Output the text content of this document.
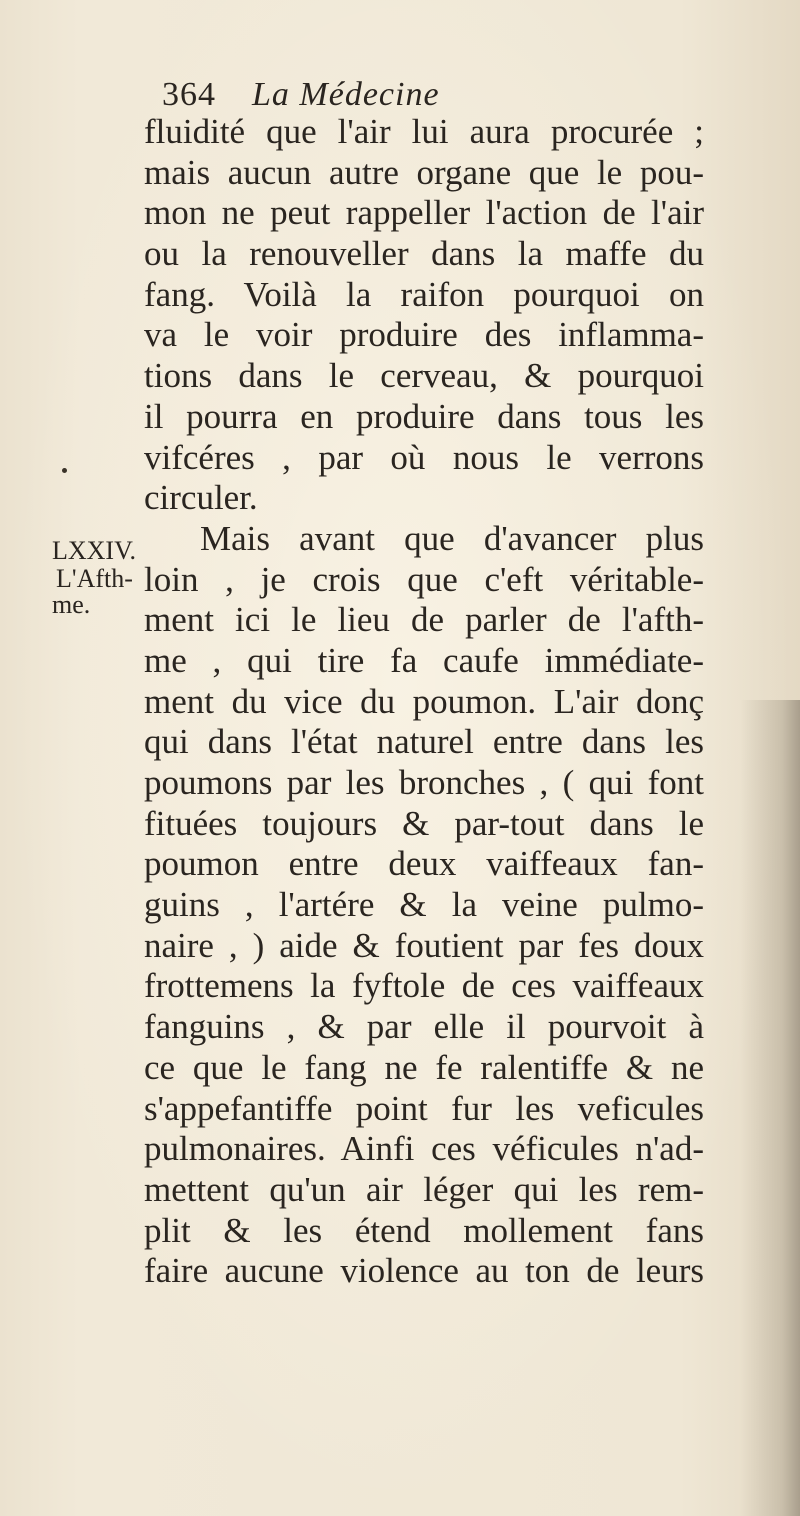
364 La Médecine
LXXIV.
L'Afth-
me.
fluidité que l'air lui aura procurée ;
mais aucun autre organe que le pou-
mon ne peut rappeller l'action de l'air
ou la renouveller dans la maffe du
fang. Voilà la raifon pourquoi on
va le voir produire des inflamma-
tions dans le cerveau, & pourquoi
il pourra en produire dans tous les
vifcéres , par où nous le verrons
circuler.
Mais avant que d'avancer plus
loin , je crois que c'eft véritable-
ment ici le lieu de parler de l'afth-
me , qui tire fa caufe immédiate-
ment du vice du poumon. L'air donç
qui dans l'état naturel entre dans les
poumons par les bronches , ( qui font
fituées toujours & par-tout dans le
poumon entre deux vaiffeaux fan-
guins , l'artére & la veine pulmo-
naire , ) aide & foutient par fes doux
frottemens la fyftole de ces vaiffeaux
fanguins , & par elle il pourvoit à
ce que le fang ne fe ralentiffe & ne
s'appefantiffe point fur les veficules
pulmonaires. Ainfi ces véficules n'ad-
mettent qu'un air léger qui les rem-
plit & les étend mollement fans
faire aucune violence au ton de leurs
